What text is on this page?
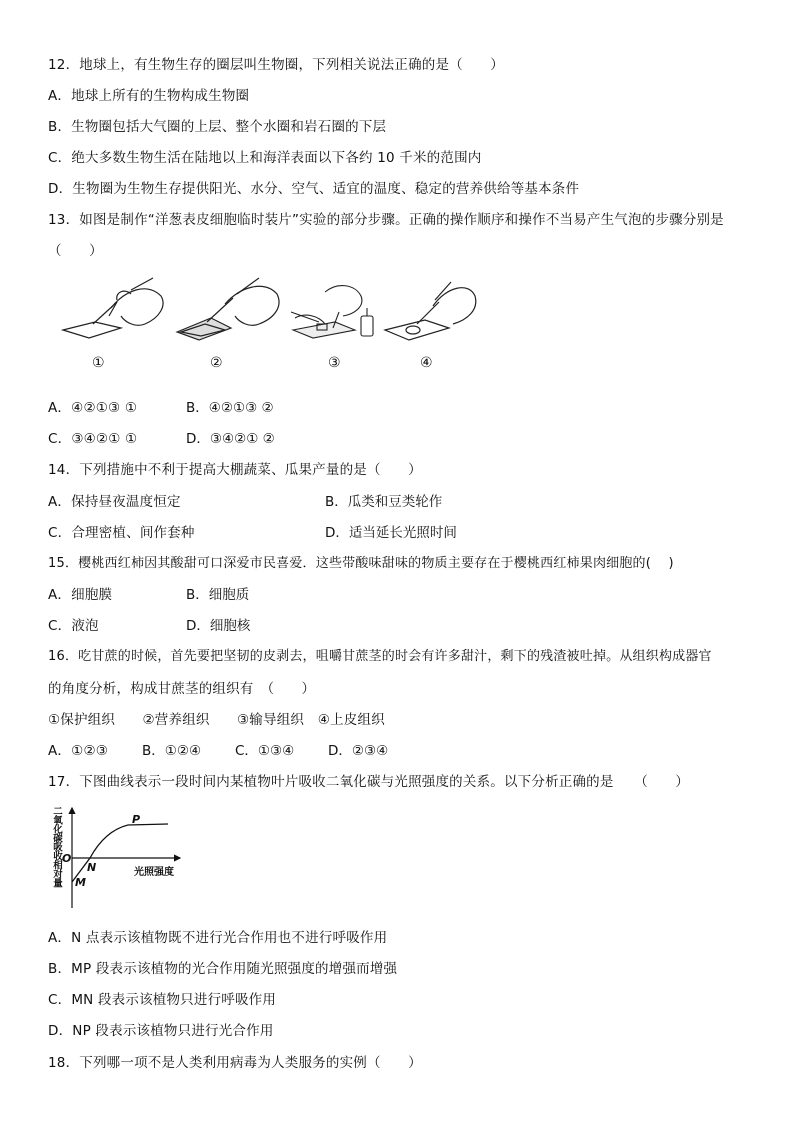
12．地球上，有生物生存的圈层叫生物圈，下列相关说法正确的是（　　）
A．地球上所有的生物构成生物圈
B．生物圈包括大气圈的上层、整个水圈和岩石圈的下层
C．绝大多数生物生活在陆地以上和海洋表面以下各约 10 千米的范围内
D．生物圈为生物生存提供阳光、水分、空气、适宜的温度、稳定的营养供给等基本条件
13．如图是制作“洋葱表皮细胞临时装片”实验的部分步骤。正确的操作顺序和操作不当易产生气泡的步骤分别是
（　　）
①	②	③	④
A．④②①③ ①	B．④②①③ ②
C．③④②① ①	D．③④②① ②
14．下列措施中不利于提高大棚蔬菜、瓜果产量的是（　　）
A．保持昼夜温度恒定	B．瓜类和豆类轮作
C．合理密植、间作套种	D．适当延长光照时间
15．樱桃西红柿因其酸甜可口深爱市民喜爱．这些带酸味甜味的物质主要存在于樱桃西红柿果肉细胞的(　 )
A．细胞膜	B．细胞质
C．液泡	D．细胞核
16．吃甘蔗的时候，首先要把坚韧的皮剥去，咀嚼甘蔗茎的时会有许多甜汁，剩下的残渣被吐掉。从组织构成器官
的角度分析，构成甘蔗茎的组织有　（　　）
①保护组织　　②营养组织　　③输导组织　④上皮组织
A．①②③	B．①②④	C．①③④	D．②③④
17．下图曲线表示一段时间内某植物叶片吸收二氧化碳与光照强度的关系。以下分析正确的是　　（　　）
二氧化碳吸收相对量 O
P
N
M
光照强度
A．N 点表示该植物既不进行光合作用也不进行呼吸作用
B．MP 段表示该植物的光合作用随光照强度的增强而增强
C．MN 段表示该植物只进行呼吸作用
D．NP 段表示该植物只进行光合作用
18．下列哪一项不是人类利用病毒为人类服务的实例（　　）
